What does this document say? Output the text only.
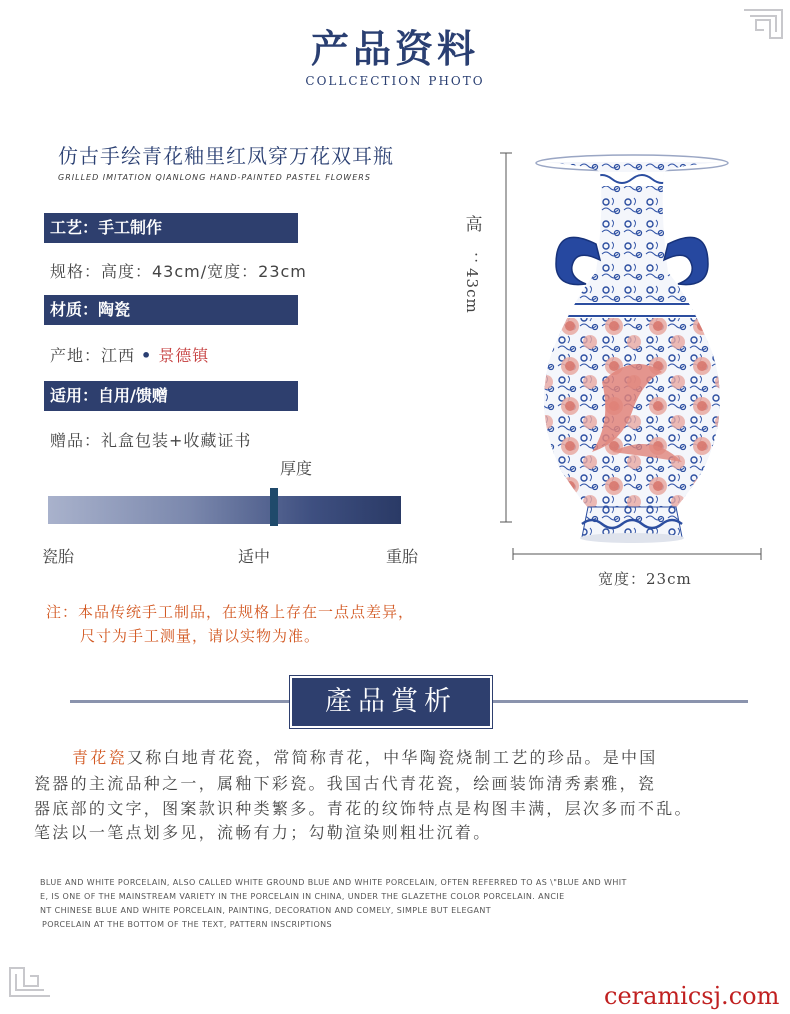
产品资料
COLLCECTION PHOTO
仿古手绘青花釉里红凤穿万花双耳瓶
GRILLED IMITATION QIANLONG HAND-PAINTED PASTEL FLOWERS
工艺：手工制作
规格：高度：43cm/宽度：23cm
材质：陶瓷
产地：江西 • 景德镇
适用：自用/馈赠
赠品：礼盒包装+收藏证书
厚度
瓷胎	适中	重胎
注：本品传统手工制品，在规格上存在一点点差异，
尺寸为手工测量，请以实物为准。
高
：43cm
宽度：23cm
產品賞析
青花瓷又称白地青花瓷，常简称青花，中华陶瓷烧制工艺的珍品。是中国
瓷器的主流品种之一，属釉下彩瓷。我国古代青花瓷，绘画装饰清秀素雅，瓷
器底部的文字，图案款识种类繁多。青花的纹饰特点是构图丰满，层次多而不乱。
笔法以一笔点划多见，流畅有力；勾勒渲染则粗壮沉着。
BLUE AND WHITE PORCELAIN, ALSO CALLED WHITE GROUND BLUE AND WHITE PORCELAIN, OFTEN REFERRED TO AS \"BLUE AND WHIT
E, IS ONE OF THE MAINSTREAM VARIETY IN THE PORCELAIN IN CHINA, UNDER THE GLAZETHE COLOR PORCELAIN. ANCIE
NT CHINESE BLUE AND WHITE PORCELAIN, PAINTING, DECORATION AND COMELY, SIMPLE BUT ELEGANT
PORCELAIN AT THE BOTTOM OF THE TEXT, PATTERN INSCRIPTIONS
ceramicsj.com
